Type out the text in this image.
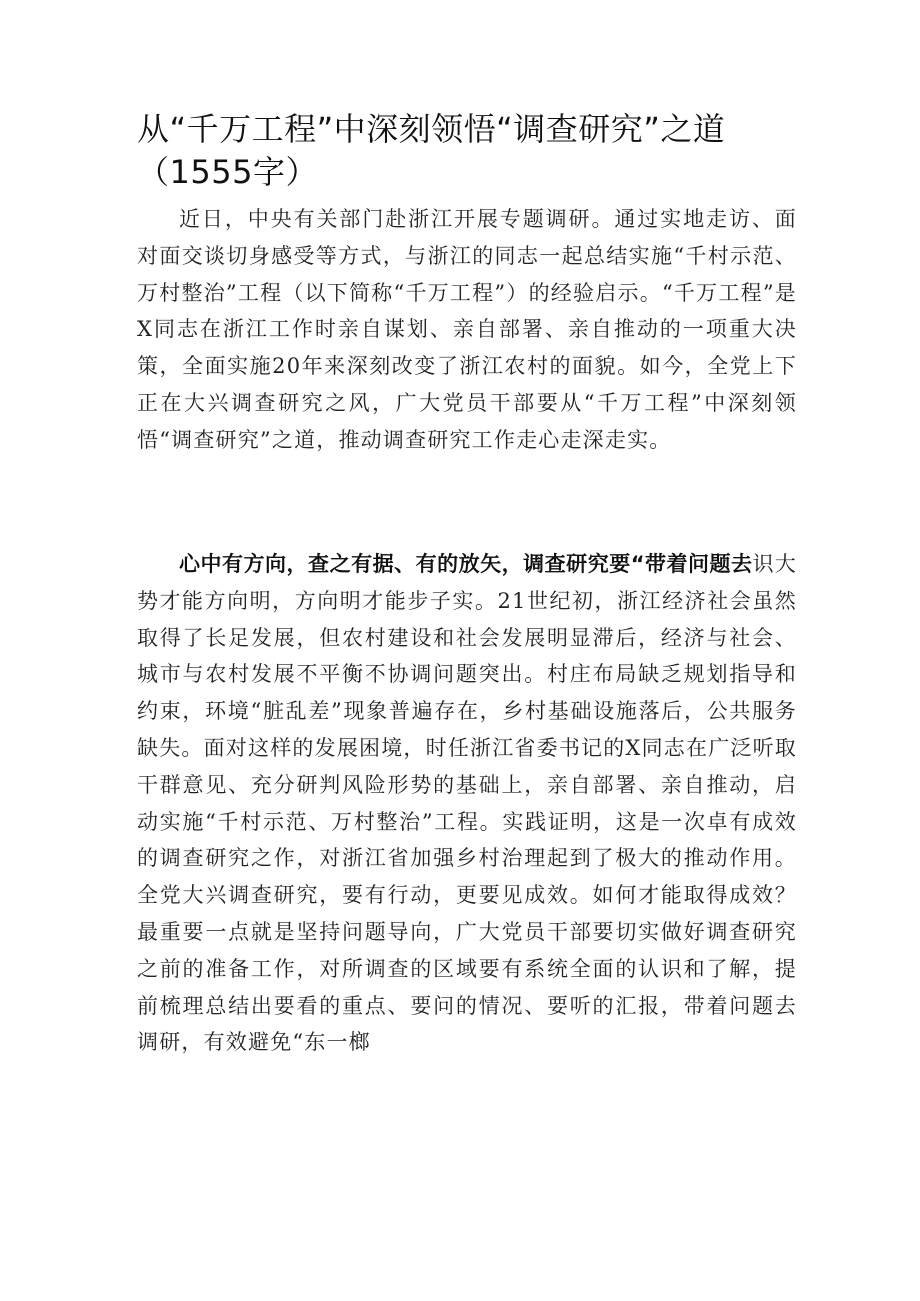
从“千万工程”中深刻领悟“调查研究”之道（1555字）

近日，中央有关部门赴浙江开展专题调研。通过实地走访、面对面交谈切身感受等方式，与浙江的同志一起总结实施“千村示范、万村整治”工程（以下简称“千万工程”）的经验启示。“千万工程”是X同志在浙江工作时亲自谋划、亲自部署、亲自推动的一项重大决策，全面实施20年来深刻改变了浙江农村的面貌。如今，全党上下正在大兴调查研究之风，广大党员干部要从“千万工程”中深刻领悟“调查研究”之道，推动调查研究工作走心走深走实。

心中有方向，查之有据、有的放矢，调查研究要“带着问题去识大势才能方向明，方向明才能步子实。21世纪初，浙江经济社会虽然取得了长足发展，但农村建设和社会发展明显滞后，经济与社会、城市与农村发展不平衡不协调问题突出。村庄布局缺乏规划指导和约束，环境“脏乱差”现象普遍存在，乡村基础设施落后，公共服务缺失。面对这样的发展困境，时任浙江省委书记的X同志在广泛听取干群意见、充分研判风险形势的基础上，亲自部署、亲自推动，启动实施“千村示范、万村整治”工程。实践证明，这是一次卓有成效的调查研究之作，对浙江省加强乡村治理起到了极大的推动作用。全党大兴调查研究，要有行动，更要见成效。如何才能取得成效？最重要一点就是坚持问题导向，广大党员干部要切实做好调查研究之前的准备工作，对所调查的区域要有系统全面的认识和了解，提前梳理总结出要看的重点、要问的情况、要听的汇报，带着问题去调研，有效避免“东一榔
